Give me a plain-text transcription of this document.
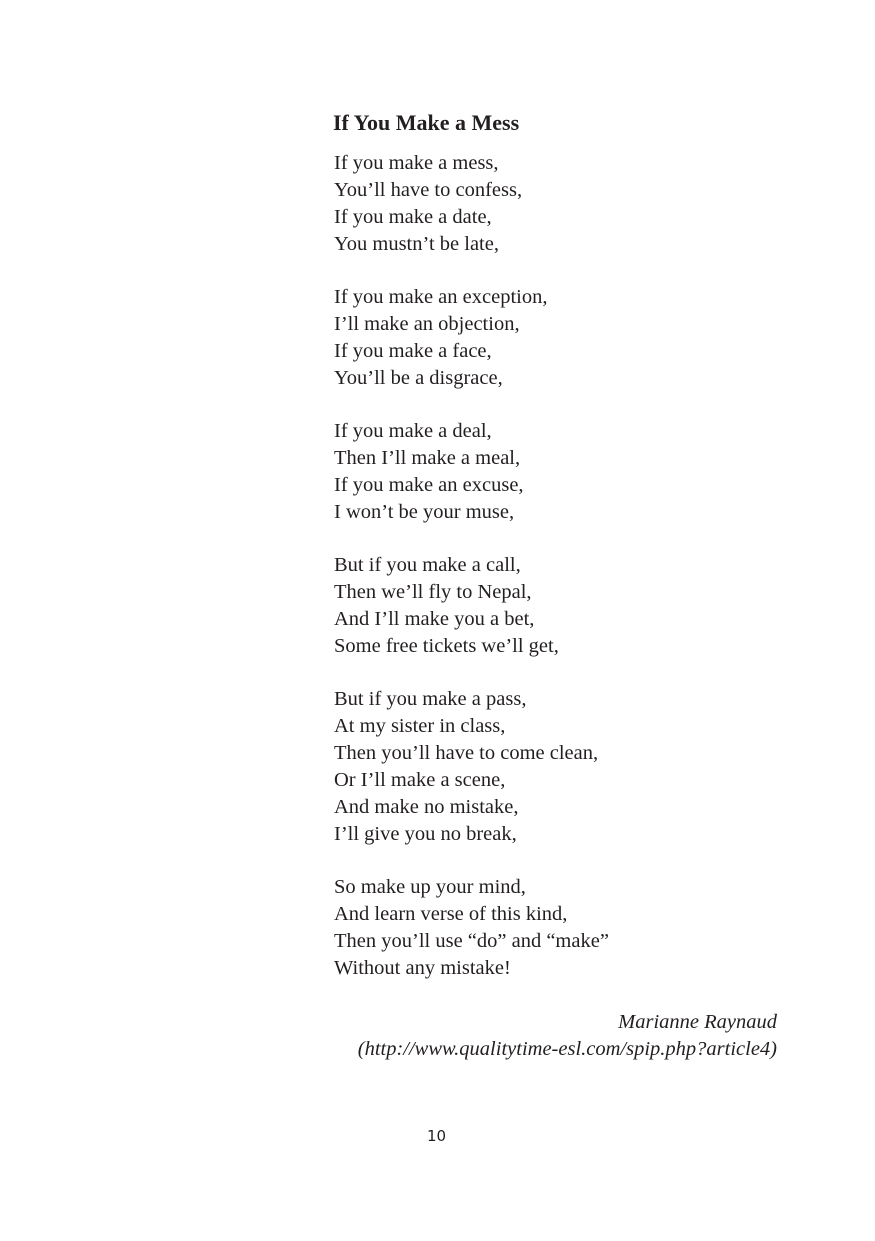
If You Make a Mess
If you make a mess,
You’ll have to confess,
If you make a date,
You mustn’t be late,
If you make an exception,
I’ll make an objection,
If you make a face,
You’ll be a disgrace,
If you make a deal,
Then I’ll make a meal,
If you make an excuse,
I won’t be your muse,
But if you make a call,
Then we’ll fly to Nepal,
And I’ll make you a bet,
Some free tickets we’ll get,
But if you make a pass,
At my sister in class,
Then you’ll have to come clean,
Or I’ll make a scene,
And make no mistake,
I’ll give you no break,
So make up your mind,
And learn verse of this kind,
Then you’ll use “do” and “make”
Without any mistake!
Marianne Raynaud
(http://www.qualitytime-esl.com/spip.php?article4)
10
